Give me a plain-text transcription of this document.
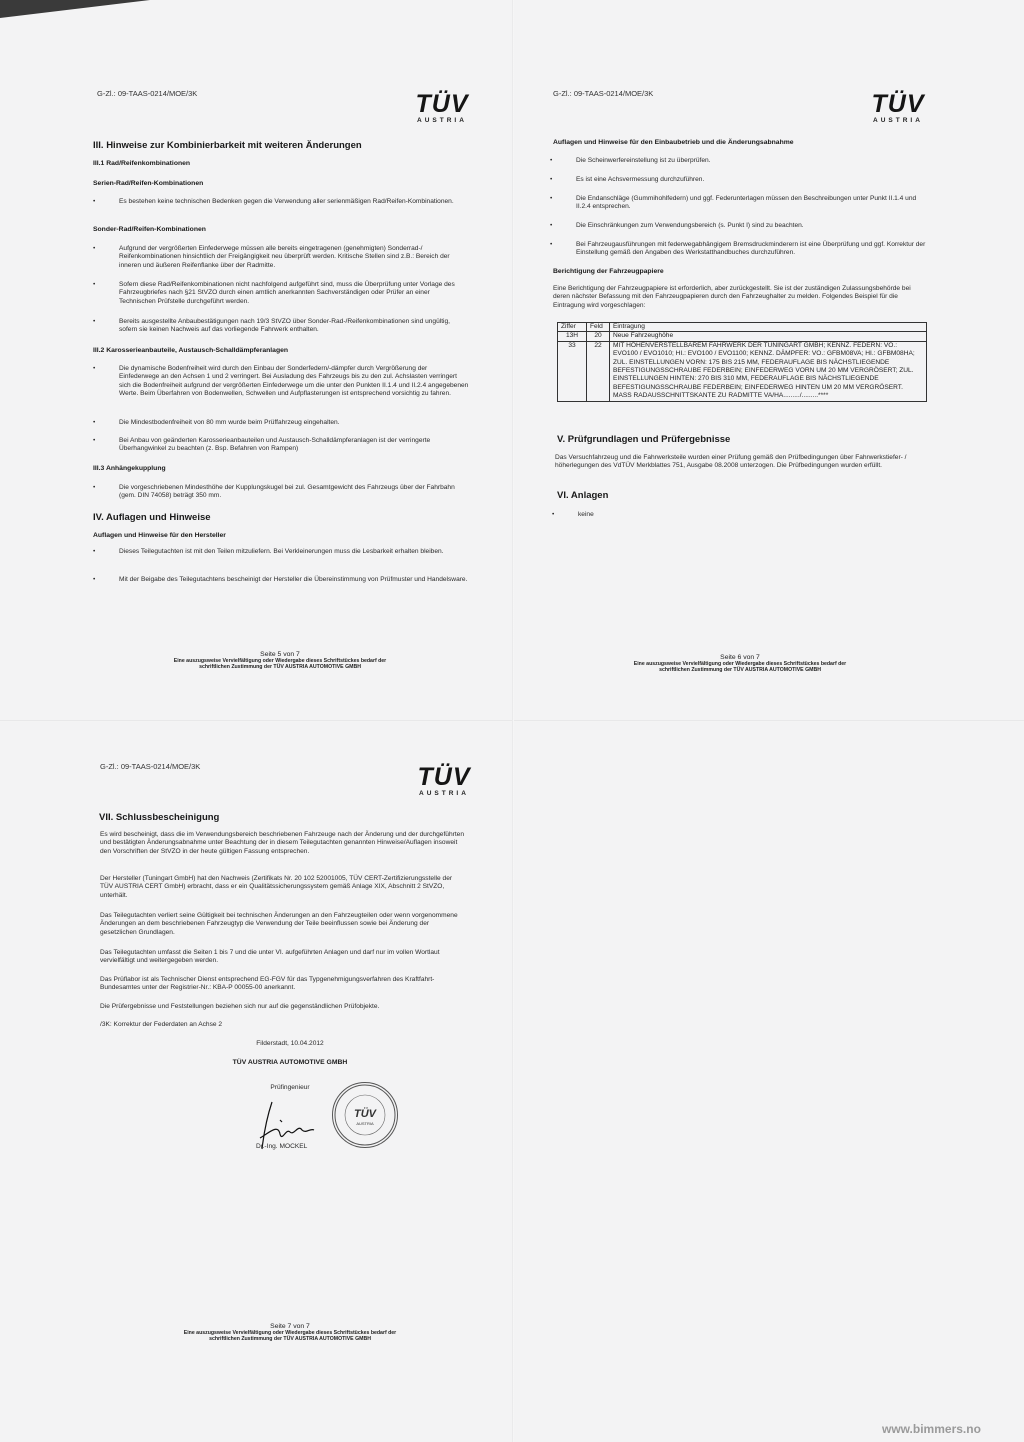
G-Zl.: 09-TAAS-0214/MOE/3K	TÜV
AUSTRIA
III. Hinweise zur Kombinierbarkeit mit weiteren Änderungen
III.1 Rad/Reifenkombinationen
Serien-Rad/Reifen-Kombinationen
• Es bestehen keine technischen Bedenken gegen die Verwendung aller serienmäßigen Rad/Reifen-Kombinationen.
Sonder-Rad/Reifen-Kombinationen
• Aufgrund der vergrößerten Einfederwege müssen alle bereits eingetragenen (genehmigten) Sonderrad-/ Reifenkombinationen hinsichtlich der Freigängigkeit neu überprüft werden. Kritische Stellen sind z.B.: Bereich der inneren und äußeren Reifenflanke über der Radmitte.
• Sofern diese Rad/Reifenkombinationen nicht nachfolgend aufgeführt sind, muss die Überprüfung unter Vorlage des Fahrzeugbriefes nach §21 StVZO durch einen amtlich anerkannten Sachverständigen oder Prüfer an einer Technischen Prüfstelle durchgeführt werden.
• Bereits ausgestellte Anbaubestätigungen nach 19/3 StVZO über Sonder-Rad-/Reifenkombinationen sind ungültig, sofern sie keinen Nachweis auf das vorliegende Fahrwerk enthalten.
III.2 Karosserieanbauteile, Austausch-Schalldämpferanlagen
• Die dynamische Bodenfreiheit wird durch den Einbau der Sonderfedern/-dämpfer durch Vergrößerung der Einfederwege an den Achsen 1 und 2 verringert. Bei Ausladung des Fahrzeugs bis zu den zul. Achslasten verringert sich die Bodenfreiheit aufgrund der vergrößerten Einfederwege um die unter den Punkten II.1.4 und II.2.4 angegebenen Werte. Beim Überfahren von Bodenwellen, Schwellen und Aufpflasterungen ist entsprechend vorsichtig zu fahren.
• Die Mindestbodenfreiheit von 80 mm wurde beim Prüffahrzeug eingehalten.
• Bei Anbau von geänderten Karosserieanbauteilen und Austausch-Schalldämpferanlagen ist der verringerte Überhangwinkel zu beachten (z. Bsp. Befahren von Rampen)
III.3 Anhängekupplung
• Die vorgeschriebenen Mindesthöhe der Kupplungskugel bei zul. Gesamtgewicht des Fahrzeugs über der Fahrbahn (gem. DIN 74058) beträgt 350 mm.
IV. Auflagen und Hinweise
Auflagen und Hinweise für den Hersteller
• Dieses Teilegutachten ist mit den Teilen mitzuliefern. Bei Verkleinerungen muss die Lesbarkeit erhalten bleiben.
• Mit der Beigabe des Teilegutachtens bescheinigt der Hersteller die Übereinstimmung von Prüfmuster und Handelsware.
Seite 5 von 7
Eine auszugsweise Vervielfältigung oder Wiedergabe dieses Schriftstückes bedarf der
schriftlichen Zustimmung der TÜV AUSTRIA AUTOMOTIVE GMBH
G-Zl.: 09-TAAS-0214/MOE/3K	TÜV
AUSTRIA
Auflagen und Hinweise für den Einbaubetrieb und die Änderungsabnahme
• Die Scheinwerfereinstellung ist zu überprüfen.
• Es ist eine Achsvermessung durchzuführen.
• Die Endanschläge (Gummihohlfedern) und ggf. Federunterlagen müssen den Beschreibungen unter Punkt II.1.4 und II.2.4 entsprechen.
• Die Einschränkungen zum Verwendungsbereich (s. Punkt I) sind zu beachten.
• Bei Fahrzeugausführungen mit federwegabhängigem Bremsdruckminderern ist eine Überprüfung und ggf. Korrektur der Einstellung gemäß den Angaben des Werkstatthandbuches durchzuführen.
Berichtigung der Fahrzeugpapiere
Eine Berichtigung der Fahrzeugpapiere ist erforderlich, aber zurückgestellt. Sie ist der zuständigen Zulassungsbehörde bei deren nächster Befassung mit den Fahrzeugpapieren durch den Fahrzeughalter zu melden. Folgendes Beispiel für die Eintragung wird vorgeschlagen:
Ziffer	Feld	Eintragung
13H	20	Neue Fahrzeughöhe
33	22	MIT HÖHENVERSTELLBAREM FAHRWERK DER TUNINGART GMBH; KENNZ. FEDERN: VO.: EVO100 / EVO1010; HI.: EVO100 / EVO1100; KENNZ. DÄMPFER: VO.: GFBM08VA; HI.: GFBM08HA; ZUL. EINSTELLUNGEN VORN: 175 BIS 215 MM, FEDERAUFLAGE BIS NÄCHSTLIEGENDE BEFESTIGUNGSSCHRAUBE FEDERBEIN; EINFEDERWEG VORN UM 20 MM VERGRÖSERT; ZUL. EINSTELLUNGEN HINTEN: 270 BIS 310 MM, FEDERAUFLAGE BIS NÄCHSTLIEGENDE BEFESTIGUNGSSCHRAUBE FEDERBEIN; EINFEDERWEG HINTEN UM 20 MM VERGRÖSERT. MASS RADAUSSCHNITTSKANTE ZU RADMITTE VA/HA........./.........****
V. Prüfgrundlagen und Prüfergebnisse
Das Versuchfahrzeug und die Fahrwerksteile wurden einer Prüfung gemäß den Prüfbedingungen über Fahrwerkstiefer- / höherlegungen des VdTÜV Merkblattes 751, Ausgabe 08.2008 unterzogen. Die Prüfbedingungen wurden erfüllt.
VI. Anlagen
• keine
Seite 6 von 7
Eine auszugsweise Vervielfältigung oder Wiedergabe dieses Schriftstückes bedarf der
schriftlichen Zustimmung der TÜV AUSTRIA AUTOMOTIVE GMBH
G-Zl.: 09-TAAS-0214/MOE/3K	TÜV
AUSTRIA
VII. Schlussbescheinigung
Es wird bescheinigt, dass die im Verwendungsbereich beschriebenen Fahrzeuge nach der Änderung und der durchgeführten und bestätigten Änderungsabnahme unter Beachtung der in diesem Teilegutachten genannten Hinweise/Auflagen insoweit den Vorschriften der StVZO in der heute gültigen Fassung entsprechen.
Der Hersteller (Tuningart GmbH) hat den Nachweis (Zertifikats Nr. 20 102 52001005, TÜV CERT-Zertifizierungsstelle der TÜV AUSTRIA CERT GmbH) erbracht, dass er ein Qualitätssicherungssystem gemäß Anlage XIX, Abschnitt 2 StVZO, unterhält.
Das Teilegutachten verliert seine Gültigkeit bei technischen Änderungen an den Fahrzeugteilen oder wenn vorgenommene Änderungen an dem beschriebenen Fahrzeugtyp die Verwendung der Teile beeinflussen sowie bei Änderung der gesetzlichen Grundlagen.
Das Teilegutachten umfasst die Seiten 1 bis 7 und die unter VI. aufgeführten Anlagen und darf nur im vollen Wortlaut vervielfältigt und weitergegeben werden.
Das Prüflabor ist als Technischer Dienst entsprechend EG-FGV für das Typgenehmigungsverfahren des Kraftfahrt-Bundesamtes unter der Registrier-Nr.: KBA-P 00055-00 anerkannt.
Die Prüfergebnisse und Feststellungen beziehen sich nur auf die gegenständlichen Prüfobjekte.
/3K: Korrektur der Federdaten an Achse 2
Filderstadt, 10.04.2012
TÜV AUSTRIA AUTOMOTIVE GMBH
Prüfingenieur
Dr.-Ing. MOCKEL
TÜV
AUSTRIA
Seite 7 von 7
Eine auszugsweise Vervielfältigung oder Wiedergabe dieses Schriftstückes bedarf der
schriftlichen Zustimmung der TÜV AUSTRIA AUTOMOTIVE GMBH
www.bimmers.no
